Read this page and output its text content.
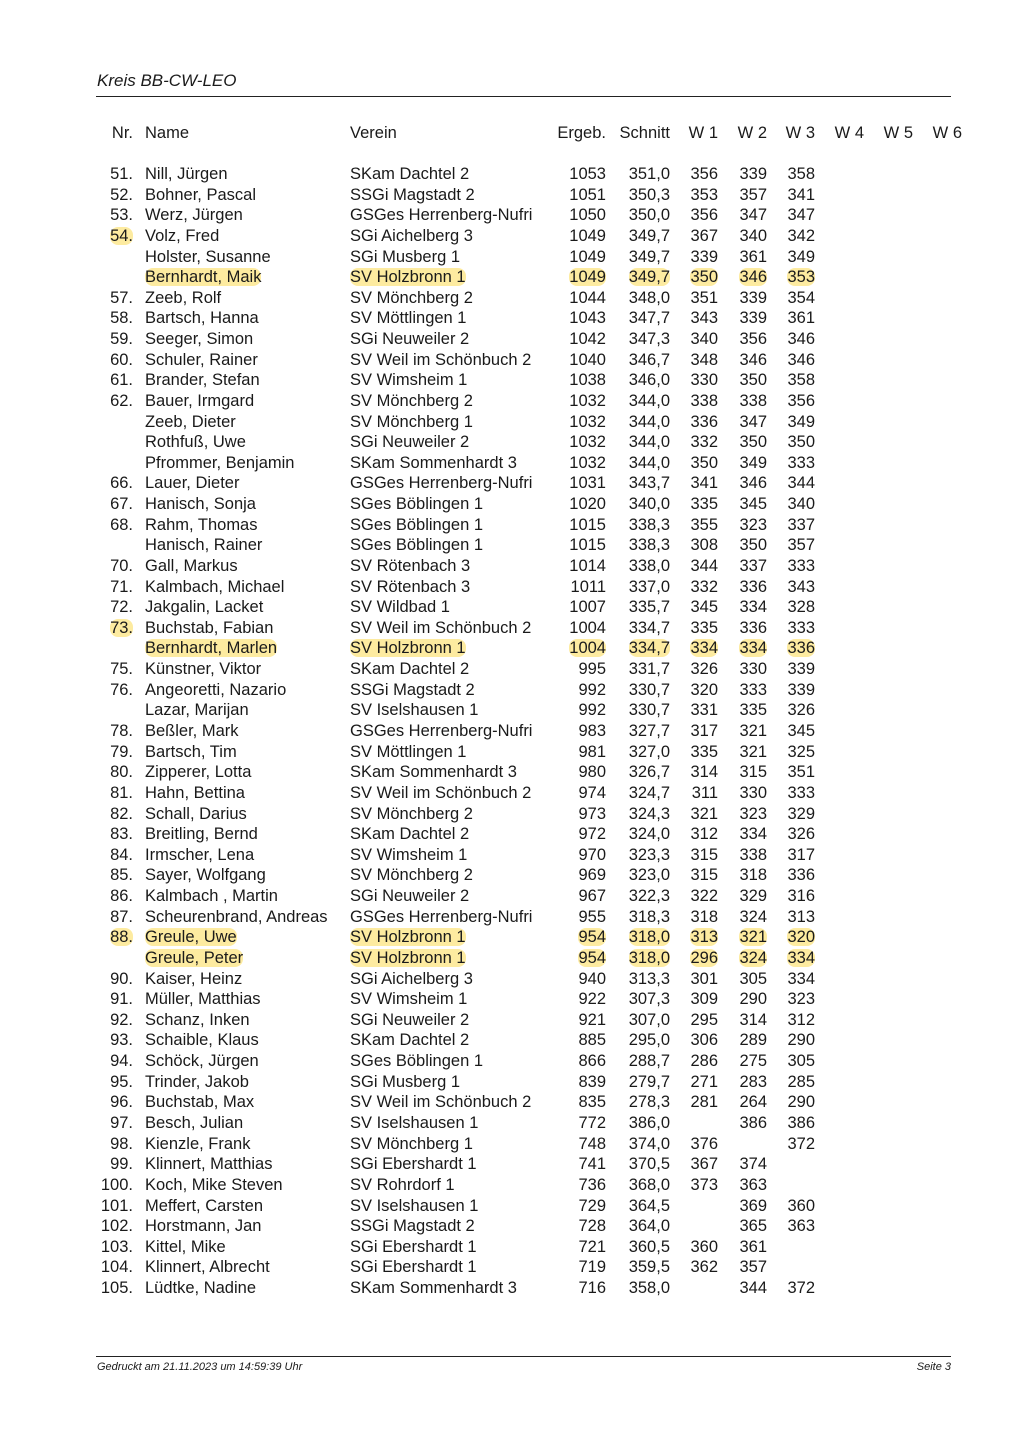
Kreis BB-CW-LEO
Nr. Name	Verein	Ergeb. Schnitt W 1 W 2 W 3 W 4 W 5 W 6
51. Nill, Jürgen	SKam Dachtel 2	1053 351,0 356 339 358
52. Bohner, Pascal	SSGi Magstadt 2	1051 350,3 353 357 341
53. Werz, Jürgen	GSGes Herrenberg-Nufri 1050 350,0 356 347 347
54. Volz, Fred	SGi Aichelberg 3	1049 349,7 367 340 342
Holster, Susanne	SGi Musberg 1	1049 349,7 339 361 349
Bernhardt, Maik	SV Holzbronn 1	1049 349,7 350 346 353
57. Zeeb, Rolf	SV Mönchberg 2	1044 348,0 351 339 354
58. Bartsch, Hanna	SV Möttlingen 1	1043 347,7 343 339 361
59. Seeger, Simon	SGi Neuweiler 2	1042 347,3 340 356 346
60. Schuler, Rainer	SV Weil im Schönbuch 2 1040 346,7 348 346 346
61. Brander, Stefan	SV Wimsheim 1	1038 346,0 330 350 358
62. Bauer, Irmgard	SV Mönchberg 2	1032 344,0 338 338 356
Zeeb, Dieter	SV Mönchberg 1	1032 344,0 336 347 349
Rothfuß, Uwe	SGi Neuweiler 2	1032 344,0 332 350 350
Pfrommer, Benjamin	SKam Sommenhardt 3	1032 344,0 350 349 333
66. Lauer, Dieter	GSGes Herrenberg-Nufri 1031 343,7 341 346 344
67. Hanisch, Sonja	SGes Böblingen 1	1020 340,0 335 345 340
68. Rahm, Thomas	SGes Böblingen 1	1015 338,3 355 323 337
Hanisch, Rainer	SGes Böblingen 1	1015 338,3 308 350 357
70. Gall, Markus	SV Rötenbach 3	1014 338,0 344 337 333
71. Kalmbach, Michael	SV Rötenbach 3	1011 337,0 332 336 343
72. Jakgalin, Lacket	SV Wildbad 1	1007 335,7 345 334 328
73. Buchstab, Fabian	SV Weil im Schönbuch 2 1004 334,7 335 336 333
Bernhardt, Marlen	SV Holzbronn 1	1004 334,7 334 334 336
75. Künstner, Viktor	SKam Dachtel 2	995 331,7 326 330 339
76. Angeoretti, Nazario	SSGi Magstadt 2	992 330,7 320 333 339
Lazar, Marijan	SV Iselshausen 1	992 330,7 331 335 326
78. Beßler, Mark	GSGes Herrenberg-Nufri	983 327,7 317 321 345
79. Bartsch, Tim	SV Möttlingen 1	981 327,0 335 321 325
80. Zipperer, Lotta	SKam Sommenhardt 3	980 326,7 314 315 351
81. Hahn, Bettina	SV Weil im Schönbuch 2	974 324,7 311 330 333
82. Schall, Darius	SV Mönchberg 2	973 324,3 321 323 329
83. Breitling, Bernd	SKam Dachtel 2	972 324,0 312 334 326
84. Irmscher, Lena	SV Wimsheim 1	970 323,3 315 338 317
85. Sayer, Wolfgang	SV Mönchberg 2	969 323,0 315 318 336
86. Kalmbach , Martin	SGi Neuweiler 2	967 322,3 322 329 316
87. Scheurenbrand, Andreas GSGes Herrenberg-Nufri	955 318,3 318 324 313
88. Greule, Uwe	SV Holzbronn 1	954 318,0 313 321 320
Greule, Peter	SV Holzbronn 1	954 318,0 296 324 334
90. Kaiser, Heinz	SGi Aichelberg 3	940 313,3 301 305 334
91. Müller, Matthias	SV Wimsheim 1	922 307,3 309 290 323
92. Schanz, Inken	SGi Neuweiler 2	921 307,0 295 314 312
93. Schaible, Klaus	SKam Dachtel 2	885 295,0 306 289 290
94. Schöck, Jürgen	SGes Böblingen 1	866 288,7 286 275 305
95. Trinder, Jakob	SGi Musberg 1	839 279,7 271 283 285
96. Buchstab, Max	SV Weil im Schönbuch 2	835 278,3 281 264 290
97. Besch, Julian	SV Iselshausen 1	772 386,0	386 386
98. Kienzle, Frank	SV Mönchberg 1	748 374,0 376	372
99. Klinnert, Matthias	SGi Ebershardt 1	741 370,5 367 374
100. Koch, Mike Steven	SV Rohrdorf 1	736 368,0 373 363
101. Meffert, Carsten	SV Iselshausen 1	729 364,5	369 360
102. Horstmann, Jan	SSGi Magstadt 2	728 364,0	365 363
103. Kittel, Mike	SGi Ebershardt 1	721 360,5 360 361
104. Klinnert, Albrecht	SGi Ebershardt 1	719 359,5 362 357
105. Lüdtke, Nadine	SKam Sommenhardt 3	716 358,0	344 372
Gedruckt am 21.11.2023 um 14:59:39 Uhr	Seite 3
